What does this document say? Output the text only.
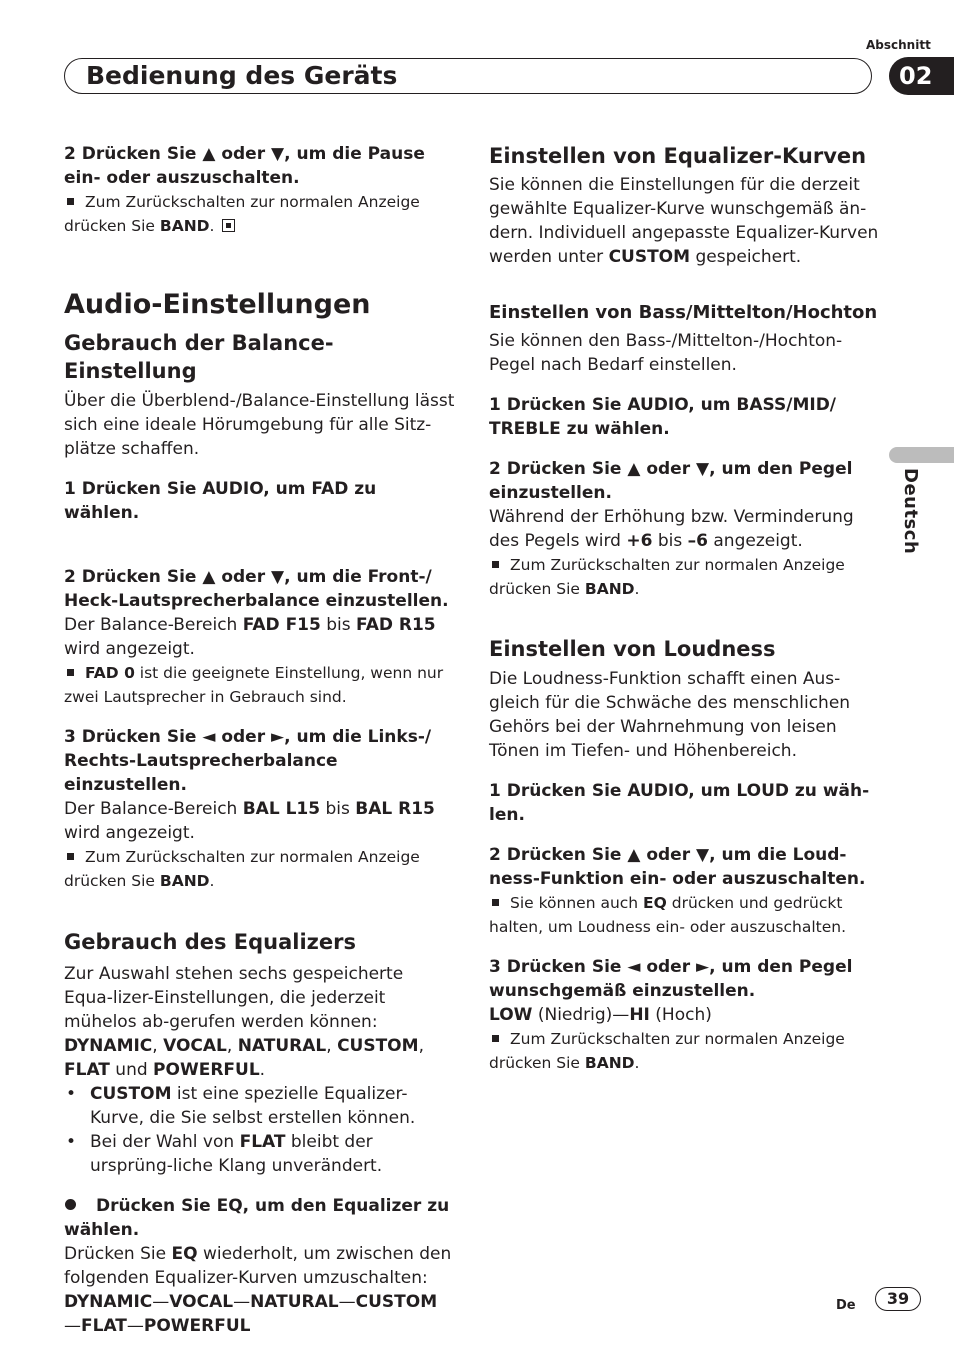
Abschnitt
Bedienung des Geräts	02
Deutsch

2 Drücken Sie ▲ oder ▼, um die Pause ein- oder auszuschalten.

Zum Zurückschalten zur normalen Anzeige drücken Sie BAND.

Audio-Einstellungen
Gebrauch der Balance-Einstellung

Über die Überblend-/Balance-Einstellung lässt sich eine ideale Hörumgebung für alle Sitz-plätze schaffen.

1 Drücken Sie AUDIO, um FAD zu wählen.

2 Drücken Sie ▲ oder ▼, um die Front-/ Heck-Lautsprecherbalance einzustellen.

Der Balance-Bereich FAD F15 bis FAD R15 wird angezeigt.

FAD 0 ist die geeignete Einstellung, wenn nur zwei Lautsprecher in Gebrauch sind.

3 Drücken Sie ◄ oder ►, um die Links-/ Rechts-Lautsprecherbalance einzustellen.

Der Balance-Bereich BAL L15 bis BAL R15 wird angezeigt.

Zum Zurückschalten zur normalen Anzeige drücken Sie BAND.

Gebrauch des Equalizers

Zur Auswahl stehen sechs gespeicherte Equa-lizer-Einstellungen, die jederzeit mühelos ab-gerufen werden können: DYNAMIC, VOCAL, NATURAL, CUSTOM, FLAT und POWERFUL.

• CUSTOM ist eine spezielle Equalizer-Kurve, die Sie selbst erstellen können.
• Bei der Wahl von FLAT bleibt der ursprüng-liche Klang unverändert.

Drücken Sie EQ, um den Equalizer zu wählen.

Drücken Sie EQ wiederholt, um zwischen den folgenden Equalizer-Kurven umzuschalten:

DYNAMIC—VOCAL—NATURAL—CUSTOM
—FLAT—POWERFUL

Einstellen von Equalizer-Kurven

Sie können die Einstellungen für die derzeit gewählte Equalizer-Kurve wunschgemäß än-dern. Individuell angepasste Equalizer-Kurven werden unter CUSTOM gespeichert.

Einstellen von Bass/Mittelton/Hochton

Sie können den Bass-/Mittelton-/Hochton-Pegel nach Bedarf einstellen.

1 Drücken Sie AUDIO, um BASS/MID/ TREBLE zu wählen.

2 Drücken Sie ▲ oder ▼, um den Pegel einzustellen.

Während der Erhöhung bzw. Verminderung des Pegels wird +6 bis –6 angezeigt.

Zum Zurückschalten zur normalen Anzeige drücken Sie BAND.

Einstellen von Loudness

Die Loudness-Funktion schafft einen Aus-gleich für die Schwäche des menschlichen Gehörs bei der Wahrnehmung von leisen Tönen im Tiefen- und Höhenbereich.

1 Drücken Sie AUDIO, um LOUD zu wäh-len.

2 Drücken Sie ▲ oder ▼, um die Loud-ness-Funktion ein- oder auszuschalten.

Sie können auch EQ drücken und gedrückt halten, um Loudness ein- oder auszuschalten.

3 Drücken Sie ◄ oder ►, um den Pegel wunschgemäß einzustellen.

LOW (Niedrig)—HI (Hoch)

Zum Zurückschalten zur normalen Anzeige drücken Sie BAND.

De	39
